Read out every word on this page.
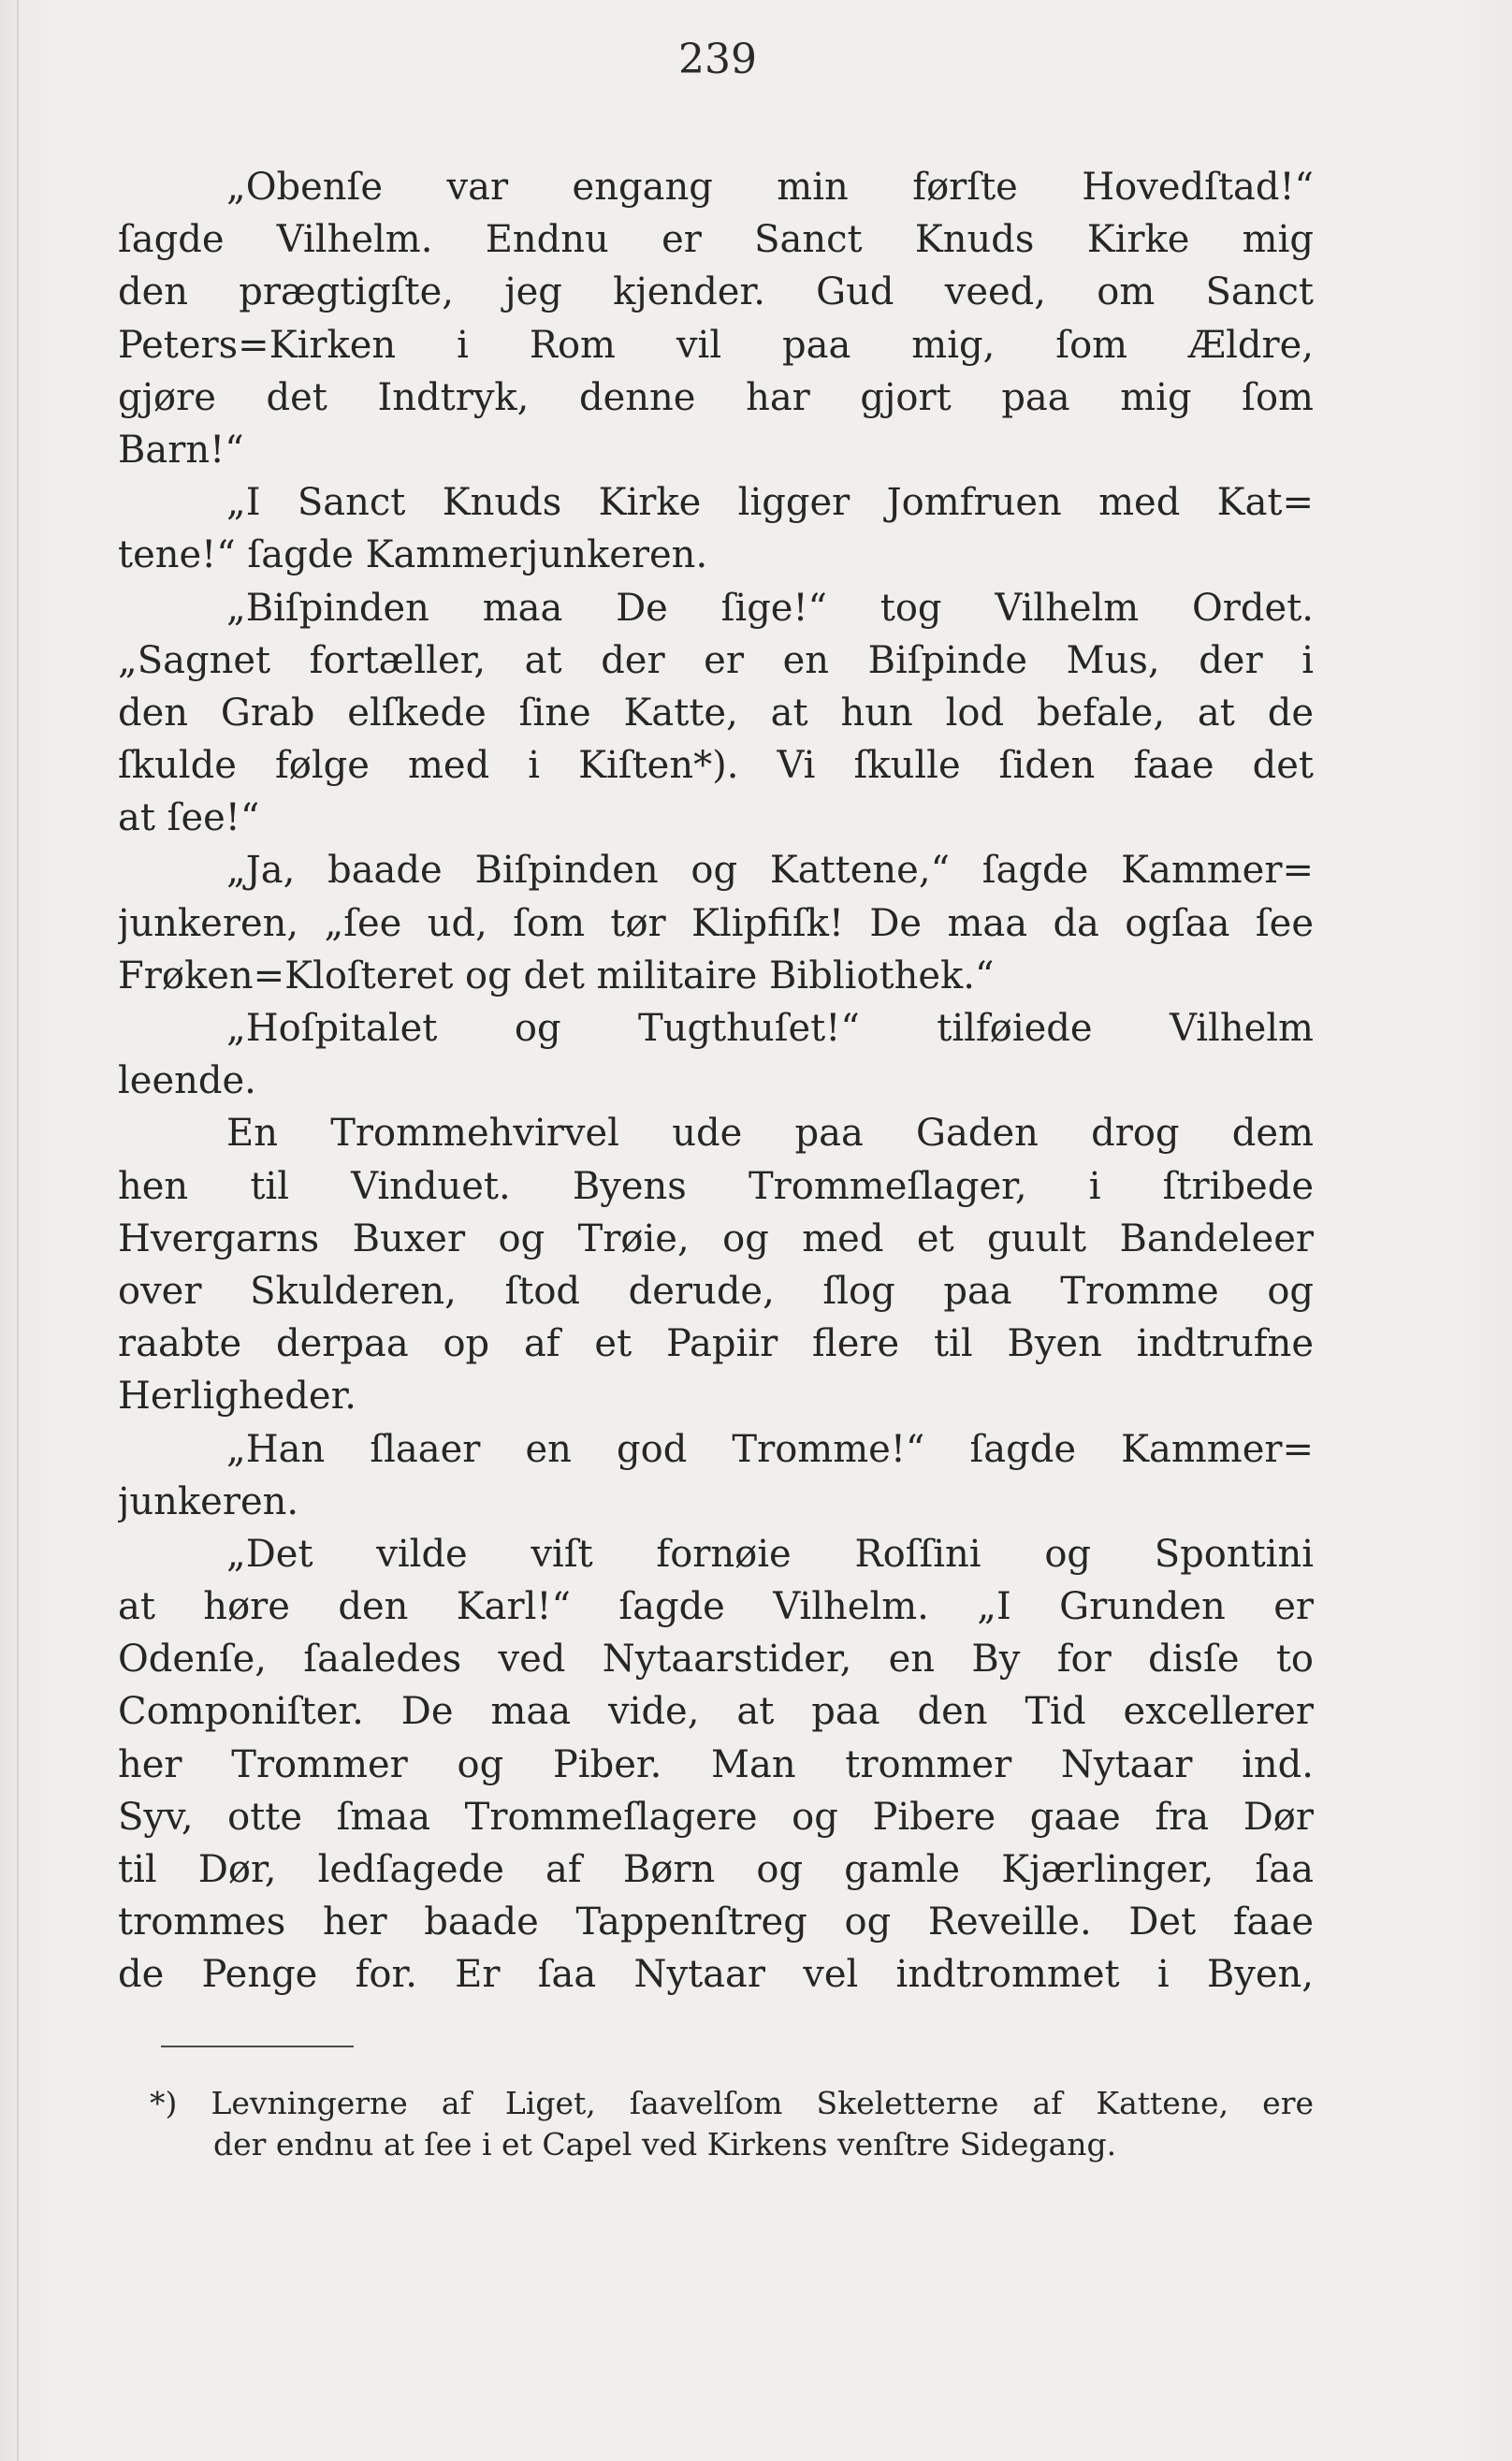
239
„Obenſe var engang min førſte Hovedſtad!“
ſagde Vilhelm. Endnu er Sanct Knuds Kirke mig
den prægtigſte, jeg kjender. Gud veed, om Sanct
Peters=Kirken i Rom vil paa mig, ſom Ældre,
gjøre det Indtryk, denne har gjort paa mig ſom
Barn!“
„I Sanct Knuds Kirke ligger Jomfruen med Kat=
tene!“ ſagde Kammerjunkeren.
„Biſpinden maa De ſige!“ tog Vilhelm Ordet.
„Sagnet fortæller, at der er en Biſpinde Mus, der i
den Grab elſkede ſine Katte, at hun lod befale, at de
ſkulde følge med i Kiſten*). Vi ſkulle ſiden faae det
at ſee!“
„Ja, baade Biſpinden og Kattene,“ ſagde Kammer=
junkeren, „ſee ud, ſom tør Klipfiſk! De maa da ogſaa ſee
Frøken=Kloſteret og det militaire Bibliothek.“
„Hoſpitalet og Tugthuſet!“ tilføiede Vilhelm
leende.
En Trommehvirvel ude paa Gaden drog dem
hen til Vinduet. Byens Trommeſlager, i ſtribede
Hvergarns Buxer og Trøie, og med et guult Bandeleer
over Skulderen, ſtod derude, ſlog paa Tromme og
raabte derpaa op af et Papiir flere til Byen indtrufne
Herligheder.
„Han ſlaaer en god Tromme!“ ſagde Kammer=
junkeren.
„Det vilde viſt fornøie Roſſini og Spontini
at høre den Karl!“ ſagde Vilhelm. „I Grunden er
Odenſe, ſaaledes ved Nytaarstider, en By for disſe to
Componiſter. De maa vide, at paa den Tid excellerer
her Trommer og Piber. Man trommer Nytaar ind.
Syv, otte ſmaa Trommeſlagere og Pibere gaae fra Dør
til Dør, ledſagede af Børn og gamle Kjærlinger, ſaa
trommes her baade Tappenſtreg og Reveille. Det faae
de Penge for. Er ſaa Nytaar vel indtrommet i Byen,
*) Levningerne af Liget, ſaavelſom Skeletterne af Kattene, ere
der endnu at ſee i et Capel ved Kirkens venſtre Sidegang.
